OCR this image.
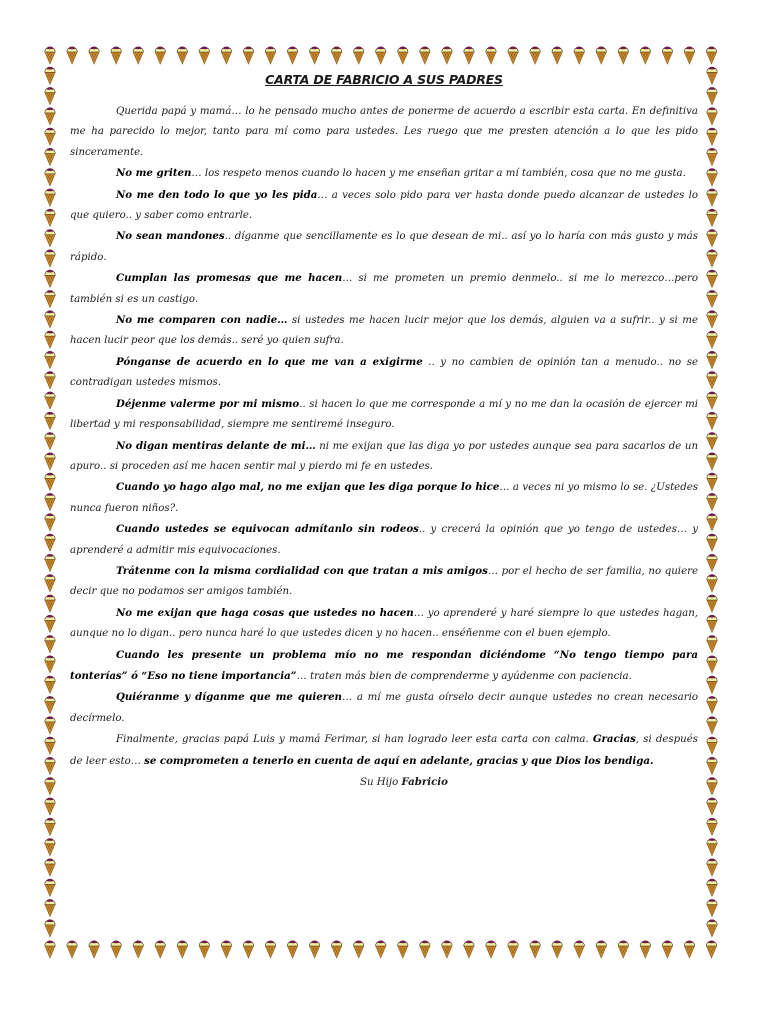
CARTA DE FABRICIO A SUS PADRES

Querida papá y mamá… lo he pensado mucho antes de ponerme de acuerdo a escribir esta carta. En definitiva me ha parecido lo mejor, tanto para mí como para ustedes. Les ruego que me presten atención a lo que les pido sinceramente.

No me griten… los respeto menos cuando lo hacen y me enseñan gritar a mí también, cosa que no me gusta.

No me den todo lo que yo les pida… a veces solo pido para ver hasta donde puedo alcanzar de ustedes lo que quiero.. y saber como entrarle.

No sean mandones.. díganme que sencillamente es lo que desean de mi.. así yo lo haría con más gusto y más rápido.

Cumplan las promesas que me hacen… si me prometen un premio denmelo.. si me lo merezco…pero también si es un castigo.

No me comparen con nadie… si ustedes me hacen lucir mejor que los demás, alguien va a sufrir.. y si me hacen lucir peor que los demás.. seré yo quien sufra.

Pónganse de acuerdo en lo que me van a exigirme .. y no cambien de opinión tan a menudo.. no se contradigan ustedes mismos.

Déjenme valerme por mi mismo.. si hacen lo que me corresponde a mí y no me dan la ocasión de ejercer mi libertad y mi responsabilidad, siempre me sentiremé inseguro.

No digan mentiras delante de mi… ni me exijan que las diga yo por ustedes aunque sea para sacarlos de un apuro.. si proceden así me hacen sentir mal y pierdo mi fe en ustedes.

Cuando yo hago algo mal, no me exijan que les diga porque lo hice… a veces ni yo mismo lo se. ¿Ustedes nunca fueron niños?.

Cuando ustedes se equivocan admítanlo sin rodeos.. y crecerá la opinión que yo tengo de ustedes… y aprenderé a admitir mis equivocaciones.

Trátenme con la misma cordialidad con que tratan a mis amigos… por el hecho de ser familia, no quiere decir que no podamos ser amigos también.

No me exijan que haga cosas que ustedes no hacen… yo aprenderé y haré siempre lo que ustedes hagan, aunque no lo digan.. pero nunca haré lo que ustedes dicen y no hacen.. enséñenme con el buen ejemplo.

Cuando les presente un problema mío no me respondan diciéndome “No tengo tiempo para tonterías” ó “Eso no tiene importancia”… traten más bien de comprenderme y ayúdenme con paciencia.

Quiéranme y díganme que me quieren… a mí me gusta oírselo decir aunque ustedes no crean necesario decírmelo.

Finalmente, gracias papá Luis y mamá Ferimar, si han logrado leer esta carta con calma. Gracias, si después de leer esto… se comprometen a tenerlo en cuenta de aquí en adelante, gracias y que Dios los bendiga.

Su Hijo Fabricio
